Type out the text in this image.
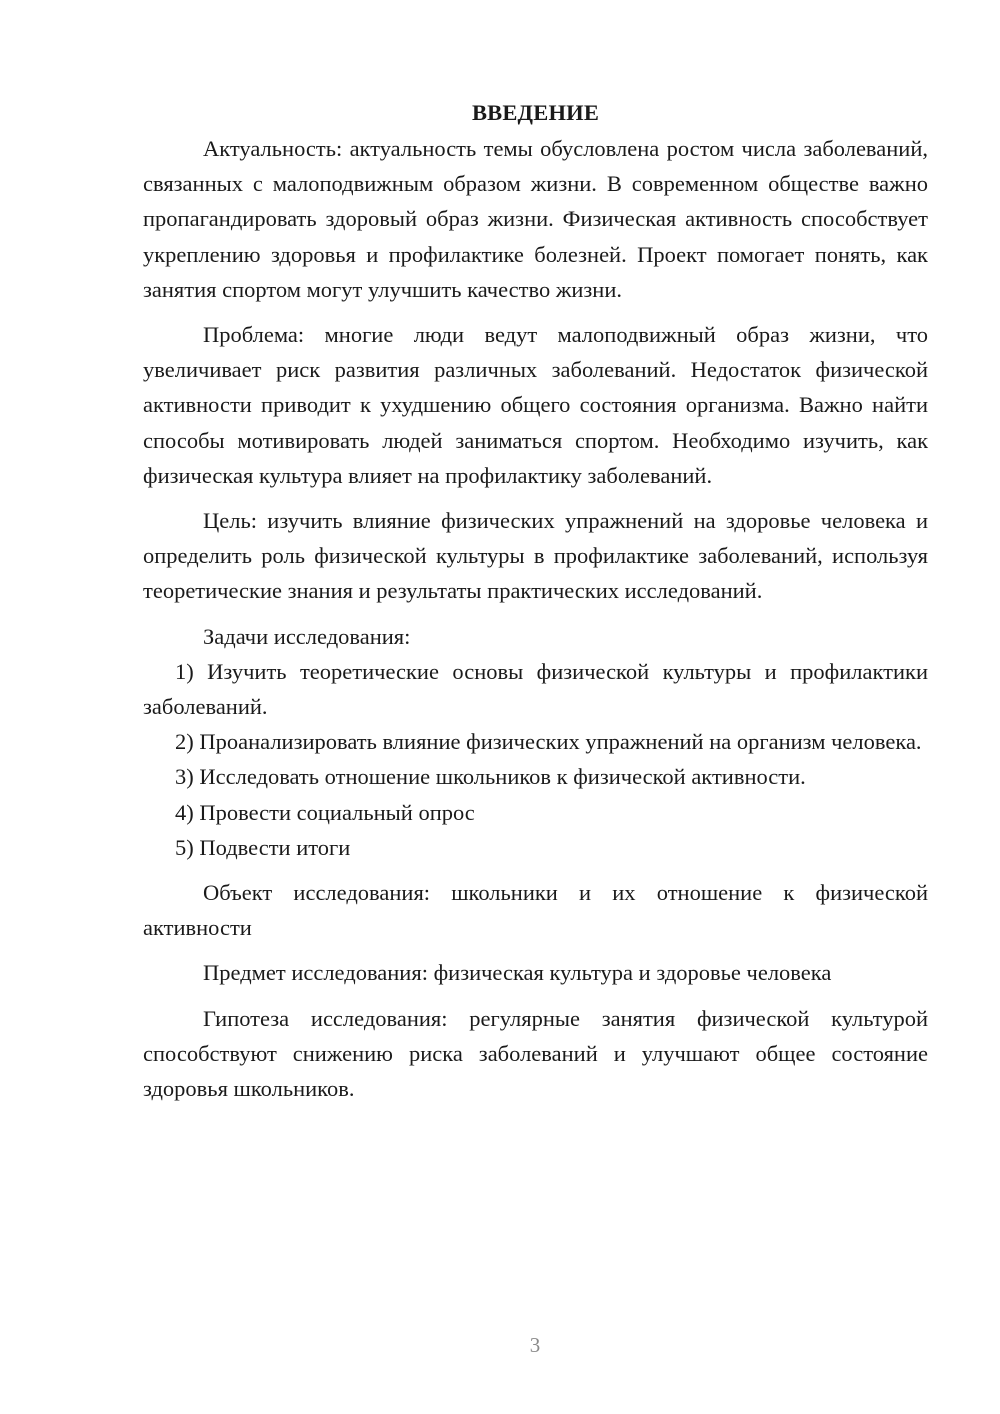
ВВЕДЕНИЕ

Актуальность: актуальность темы обусловлена ростом числа заболеваний, связанных с малоподвижным образом жизни. В современном обществе важно пропагандировать здоровый образ жизни. Физическая активность способствует укреплению здоровья и профилактике болезней. Проект помогает понять, как занятия спортом могут улучшить качество жизни.

Проблема: многие люди ведут малоподвижный образ жизни, что увеличивает риск развития различных заболеваний. Недостаток физической активности приводит к ухудшению общего состояния организма. Важно найти способы мотивировать людей заниматься спортом. Необходимо изучить, как физическая культура влияет на профилактику заболеваний.

Цель: изучить влияние физических упражнений на здоровье человека и определить роль физической культуры в профилактике заболеваний, используя теоретические знания и результаты практических исследований.

Задачи исследования:

1) Изучить теоретические основы физической культуры и профилактики заболеваний.

2) Проанализировать влияние физических упражнений на организм человека.

3) Исследовать отношение школьников к физической активности.

4) Провести социальный опрос

5) Подвести итоги

Объект исследования: школьники и их отношение к физической активности

Предмет исследования: физическая культура и здоровье человека

Гипотеза исследования: регулярные занятия физической культурой способствуют снижению риска заболеваний и улучшают общее состояние здоровья школьников.

3
